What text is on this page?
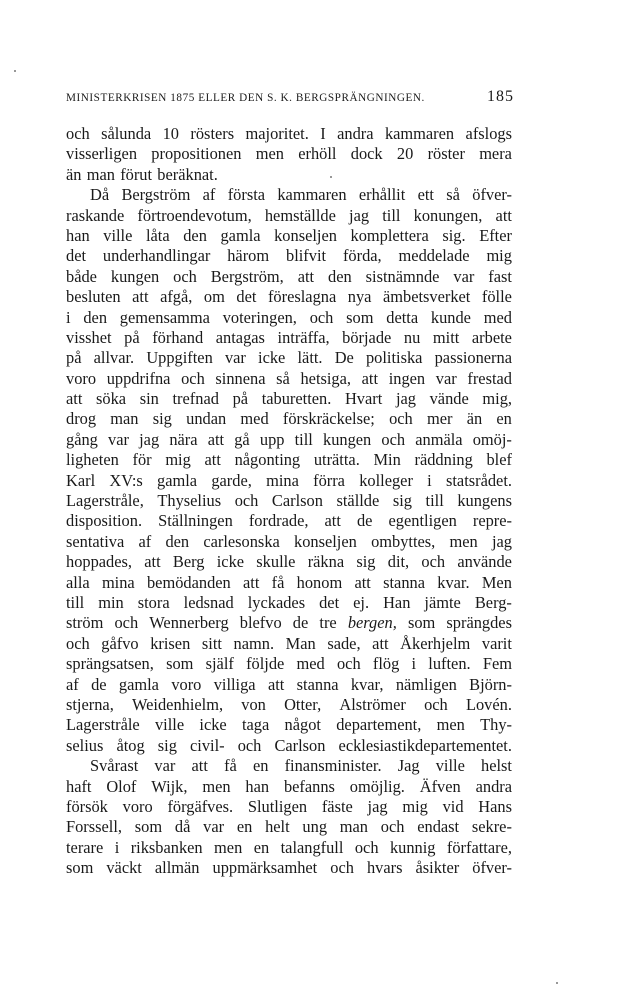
MINISTERKRISEN 1875 ELLER DEN S. K. BERGSPRÄNGNINGEN.	185
och sålunda 10 rösters majoritet. I andra kammaren afslogs
visserligen propositionen men erhöll dock 20 röster mera
än man förut beräknat.
Då Bergström af första kammaren erhållit ett så öfver-
raskande förtroendevotum, hemställde jag till konungen, att
han ville låta den gamla konseljen komplettera sig. Efter
det underhandlingar härom blifvit förda, meddelade mig
både kungen och Bergström, att den sistnämnde var fast
besluten att afgå, om det föreslagna nya ämbetsverket fölle
i den gemensamma voteringen, och som detta kunde med
visshet på förhand antagas inträffa, började nu mitt arbete
på allvar. Uppgiften var icke lätt. De politiska passionerna
voro uppdrifna och sinnena så hetsiga, att ingen var frestad
att söka sin trefnad på taburetten. Hvart jag vände mig,
drog man sig undan med förskräckelse; och mer än en
gång var jag nära att gå upp till kungen och anmäla omöj-
ligheten för mig att någonting uträtta. Min räddning blef
Karl XV:s gamla garde, mina förra kolleger i statsrådet.
Lagerstråle, Thyselius och Carlson ställde sig till kungens
disposition. Ställningen fordrade, att de egentligen repre-
sentativa af den carlesonska konseljen ombyttes, men jag
hoppades, att Berg icke skulle räkna sig dit, och använde
alla mina bemödanden att få honom att stanna kvar. Men
till min stora ledsnad lyckades det ej. Han jämte Berg-
ström och Wennerberg blefvo de tre bergen, som sprängdes
och gåfvo krisen sitt namn. Man sade, att Åkerhjelm varit
sprängsatsen, som själf följde med och flög i luften. Fem
af de gamla voro villiga att stanna kvar, nämligen Björn-
stjerna, Weidenhielm, von Otter, Alströmer och Lovén.
Lagerstråle ville icke taga något departement, men Thy-
selius åtog sig civil- och Carlson ecklesiastikdepartementet.
Svårast var att få en finansminister. Jag ville helst
haft Olof Wijk, men han befanns omöjlig. Äfven andra
försök voro förgäfves. Slutligen fäste jag mig vid Hans
Forssell, som då var en helt ung man och endast sekre-
terare i riksbanken men en talangfull och kunnig författare,
som väckt allmän uppmärksamhet och hvars åsikter öfver-
